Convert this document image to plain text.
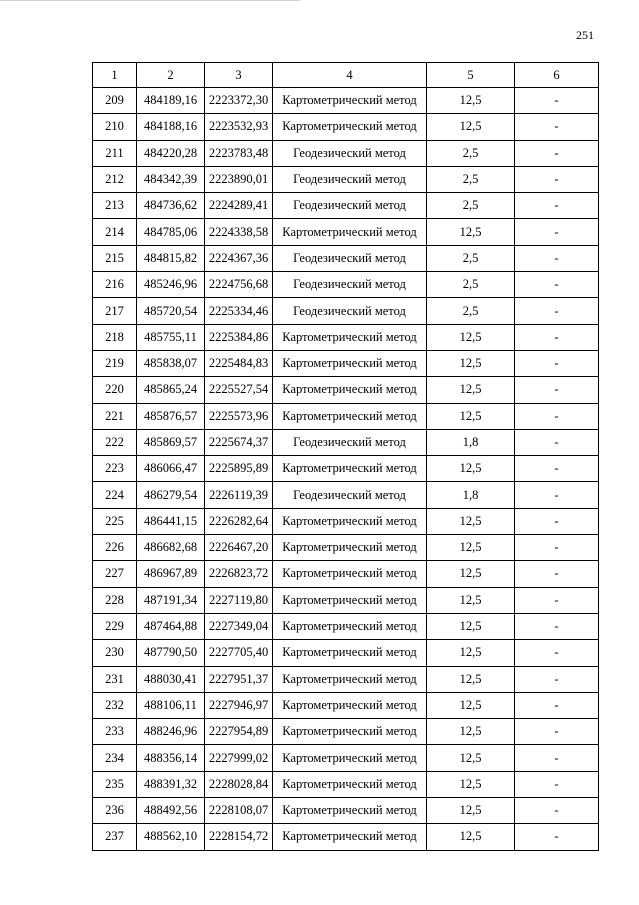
251
1	2	3	4	5	6
209	484189,16	2223372,30	Картометрический метод	12,5	-
210	484188,16	2223532,93	Картометрический метод	12,5	-
211	484220,28	2223783,48	Геодезический метод	2,5	-
212	484342,39	2223890,01	Геодезический метод	2,5	-
213	484736,62	2224289,41	Геодезический метод	2,5	-
214	484785,06	2224338,58	Картометрический метод	12,5	-
215	484815,82	2224367,36	Геодезический метод	2,5	-
216	485246,96	2224756,68	Геодезический метод	2,5	-
217	485720,54	2225334,46	Геодезический метод	2,5	-
218	485755,11	2225384,86	Картометрический метод	12,5	-
219	485838,07	2225484,83	Картометрический метод	12,5	-
220	485865,24	2225527,54	Картометрический метод	12,5	-
221	485876,57	2225573,96	Картометрический метод	12,5	-
222	485869,57	2225674,37	Геодезический метод	1,8	-
223	486066,47	2225895,89	Картометрический метод	12,5	-
224	486279,54	2226119,39	Геодезический метод	1,8	-
225	486441,15	2226282,64	Картометрический метод	12,5	-
226	486682,68	2226467,20	Картометрический метод	12,5	-
227	486967,89	2226823,72	Картометрический метод	12,5	-
228	487191,34	2227119,80	Картометрический метод	12,5	-
229	487464,88	2227349,04	Картометрический метод	12,5	-
230	487790,50	2227705,40	Картометрический метод	12,5	-
231	488030,41	2227951,37	Картометрический метод	12,5	-
232	488106,11	2227946,97	Картометрический метод	12,5	-
233	488246,96	2227954,89	Картометрический метод	12,5	-
234	488356,14	2227999,02	Картометрический метод	12,5	-
235	488391,32	2228028,84	Картометрический метод	12,5	-
236	488492,56	2228108,07	Картометрический метод	12,5	-
237	488562,10	2228154,72	Картометрический метод	12,5	-
